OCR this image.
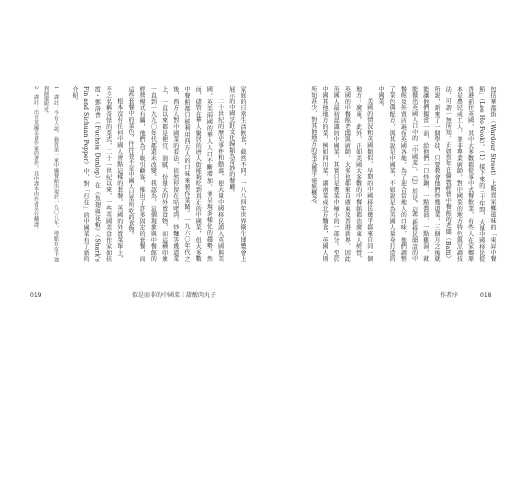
包括華都街（Wardour Street）上販賣家鄉滋味的「東昇中餐館」（Lee Ho Fook）。（1）接下來的三十年間，大量中國移民從香港前往英國，其中大多數都從事中式餐飲業，有些人在家鄉原本是農民或工人，並非專業廚師，對中國菜的地方特色與烹調技法，可謂一無所知。正如當年在倫敦經營中餐館的老闆（Balti）所說，新來了一個學徒，只要教會他們炒幾道菜，三個月之後就能讓他們獨當一面，給他們一口炒鍋、一點醬油、一點雞湯，就能做出英國人口中的「中國菜」。（2）於是，這些新移民開設的中餐館及外賣店遍布英國各地，為了迎合當地人的口味，他們調整了菜色與配方，與其說是中國菜，不如說是為英國人量身打造的中國菜。

美國的情況和英國類似，早期的中國移民幾乎都來自同一個地方：廣東。此外，正如美國大多數的中餐館都由廣東人經營，英國的中餐館老闆與廚師，大多也都來自廣東及香港新界，因此英國人最初認識的中國菜，其實只是粵菜中極小的一部分，至於中國其他地方的菜，例如四川菜、湖南菜或北方麵食，英國人則所知甚少，對其他地方的菜式幾乎毫無概念。

家庭的日常生活飲食，截然不同。一八八四年世界衛生博覽會上展示的中國烹飪文化歸類為奇妙的餐廳。

二十世紀的歷史事件和動蕩，使大量中國移民湧入英國與美國，英美兩國的華人人口不斷增加，並呈現多樣化的趨勢。然而，儘管在華人聚居的唐人街能夠吃到真正的中國菜，但大多數中餐館都只能利用西方人的口味來製作菜餚。一九六〇年代之後，西方人對中國菜的看法，依然停留在咕咾肉、炒麵等幾道菜上，一直以來都是便宜、油膩、份量大的外賣食物，而這種印象一直到一九九〇年代都還未改變。我認為，這個現象與中餐館的經營模式有關，他們為了吸引顧客，推出了許多固定的套餐，而這些套餐中的菜色，往往並不是中國人日常所吃的食物。

根本沒有任何中國人會點這樣的套餐。英國的外賣菜單上，不乏名稱奇怪的菜式，二十一世紀以來，一些英國美食作家如扶霞・鄧洛普（Fuchsia Dunlop）在《魚翅與花椒》（Shark's Fin and Sichuan Pepper）中，對「行在」的中國菜有了新的介紹。

1　譯註：今有人說，倫敦第一家中國餐館出現於一九〇八年，地點在皮卡迪利圓環附近。

2　譯註：出自英國美食作家的著作，其中譯本由作者另行翻譯。

019	似是而非的中國菜｜甜酸肉丸子	作者序	018
